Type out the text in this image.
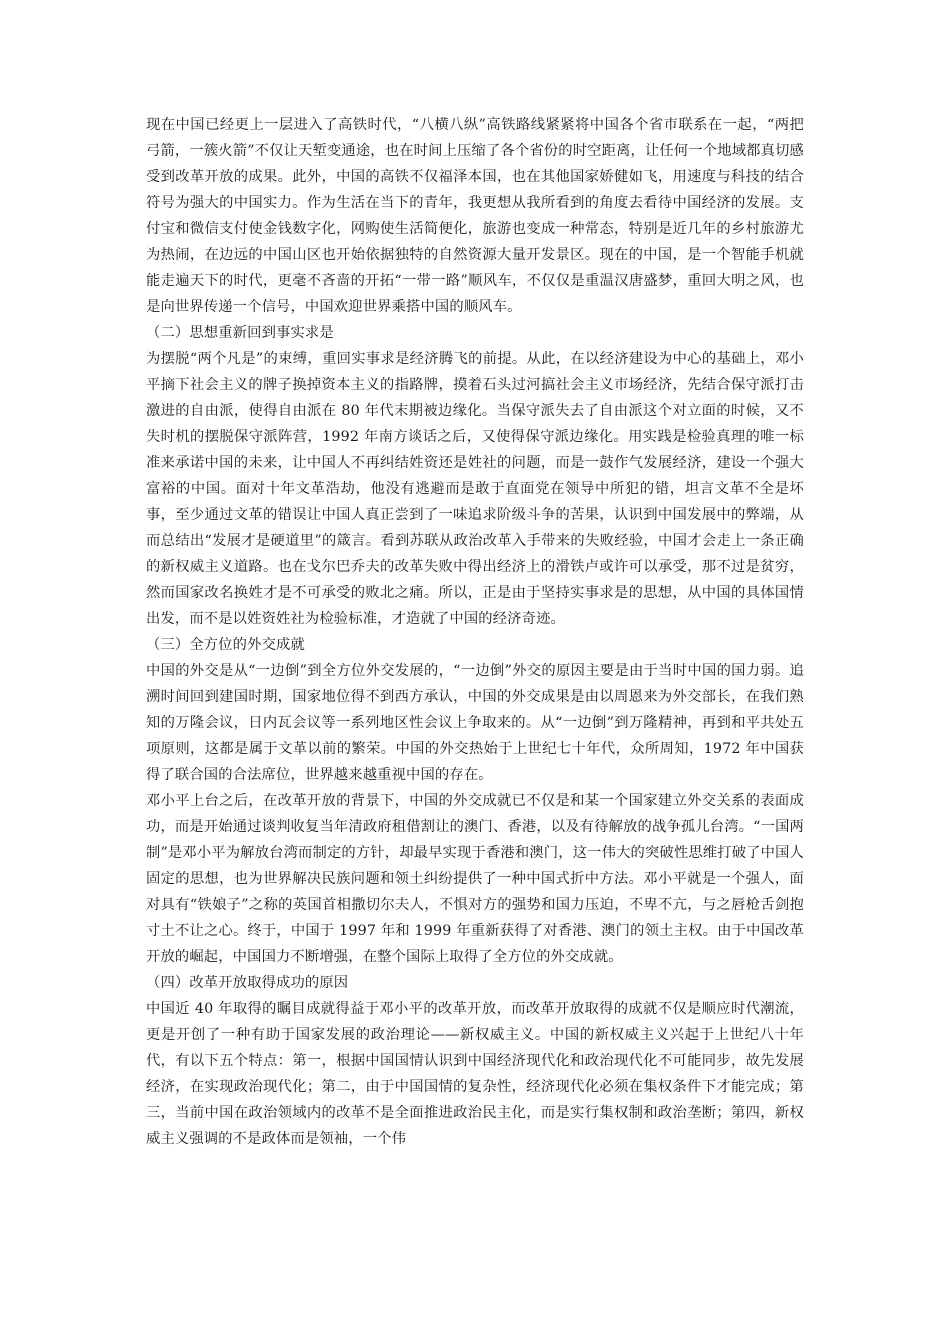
现在中国已经更上一层进入了高铁时代，“八横八纵”高铁路线紧紧将中国各个省市联系在一起，“两把弓箭，一簇火箭”不仅让天堑变通途，也在时间上压缩了各个省份的时空距离，让任何一个地域都真切感受到改革开放的成果。此外，中国的高铁不仅福泽本国，也在其他国家娇健如飞，用速度与科技的结合符号为强大的中国实力。作为生活在当下的青年，我更想从我所看到的角度去看待中国经济的发展。支付宝和微信支付使金钱数字化，网购使生活简便化，旅游也变成一种常态，特别是近几年的乡村旅游尤为热闹，在边远的中国山区也开始依据独特的自然资源大量开发景区。现在的中国，是一个智能手机就能走遍天下的时代，更毫不吝啬的开拓“一带一路”顺风车，不仅仅是重温汉唐盛梦，重回大明之风，也是向世界传递一个信号，中国欢迎世界乘搭中国的顺风车。

（二）思想重新回到事实求是

为摆脱“两个凡是”的束缚，重回实事求是经济腾飞的前提。从此，在以经济建设为中心的基础上，邓小平摘下社会主义的牌子换掉资本主义的指路牌，摸着石头过河搞社会主义市场经济，先结合保守派打击激进的自由派，使得自由派在 80 年代末期被边缘化。当保守派失去了自由派这个对立面的时候，又不失时机的摆脱保守派阵营，1992 年南方谈话之后，又使得保守派边缘化。用实践是检验真理的唯一标准来承诺中国的未来，让中国人不再纠结姓资还是姓社的问题，而是一鼓作气发展经济，建设一个强大富裕的中国。面对十年文革浩劫，他没有逃避而是敢于直面党在领导中所犯的错，坦言文革不全是坏事，至少通过文革的错误让中国人真正尝到了一味追求阶级斗争的苦果，认识到中国发展中的弊端，从而总结出“发展才是硬道里”的箴言。看到苏联从政治改革入手带来的失败经验，中国才会走上一条正确的新权威主义道路。也在戈尔巴乔夫的改革失败中得出经济上的滑铁卢或许可以承受，那不过是贫穷，然而国家改名换姓才是不可承受的败北之痛。所以，正是由于坚持实事求是的思想，从中国的具体国情出发，而不是以姓资姓社为检验标准，才造就了中国的经济奇迹。

（三）全方位的外交成就

中国的外交是从“一边倒”到全方位外交发展的，“一边倒”外交的原因主要是由于当时中国的国力弱。追溯时间回到建国时期，国家地位得不到西方承认，中国的外交成果是由以周恩来为外交部长，在我们熟知的万隆会议，日内瓦会议等一系列地区性会议上争取来的。从“一边倒”到万隆精神，再到和平共处五项原则，这都是属于文革以前的繁荣。中国的外交热始于上世纪七十年代，众所周知，1972 年中国获得了联合国的合法席位，世界越来越重视中国的存在。

邓小平上台之后，在改革开放的背景下，中国的外交成就已不仅是和某一个国家建立外交关系的表面成功，而是开始通过谈判收复当年清政府租借割让的澳门、香港，以及有待解放的战争孤儿台湾。“一国两制”是邓小平为解放台湾而制定的方针，却最早实现于香港和澳门，这一伟大的突破性思维打破了中国人固定的思想，也为世界解决民族问题和领土纠纷提供了一种中国式折中方法。邓小平就是一个强人，面对具有“铁娘子”之称的英国首相撒切尔夫人，不惧对方的强势和国力压迫，不卑不亢，与之唇枪舌剑抱寸土不让之心。终于，中国于 1997 年和 1999 年重新获得了对香港、澳门的领土主权。由于中国改革开放的崛起，中国国力不断增强，在整个国际上取得了全方位的外交成就。

（四）改革开放取得成功的原因

中国近 40 年取得的瞩目成就得益于邓小平的改革开放，而改革开放取得的成就不仅是顺应时代潮流，更是开创了一种有助于国家发展的政治理论——新权威主义。中国的新权威主义兴起于上世纪八十年代，有以下五个特点：第一，根据中国国情认识到中国经济现代化和政治现代化不可能同步，故先发展经济，在实现政治现代化；第二，由于中国国情的复杂性，经济现代化必须在集权条件下才能完成；第三，当前中国在政治领域内的改革不是全面推进政治民主化，而是实行集权制和政治垄断；第四，新权威主义强调的不是政体而是领袖，一个伟
